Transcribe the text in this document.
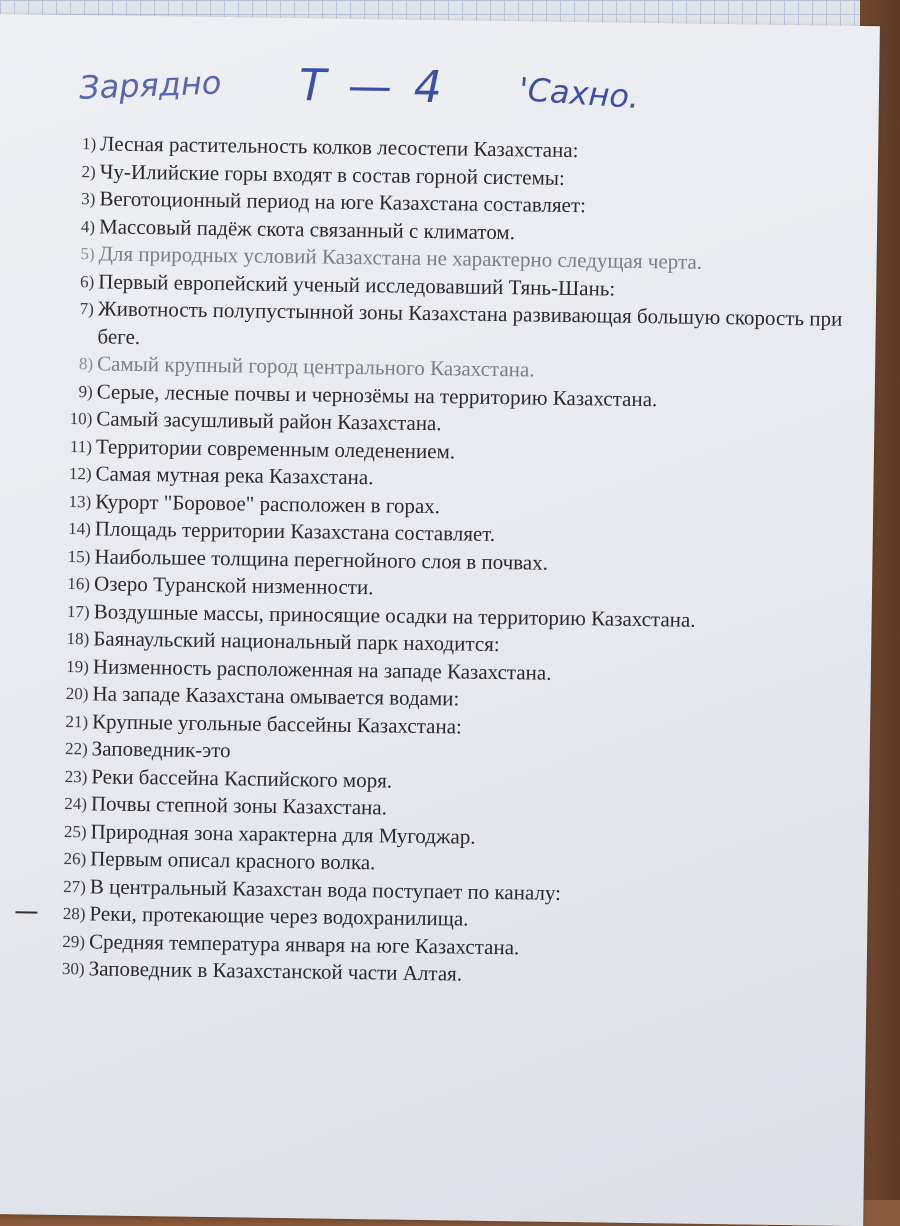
Зарядно Т — 4 'Сахно.
1) Лесная растительность колков лесостепи Казахстана:
2) Чу-Илийские горы входят в состав горной системы:
3) Веготоционный период на юге Казахстана составляет:
4) Массовый падёж скота связанный с климатом.
5) Для природных условий Казахстана не характерно следущая черта.
6) Первый европейский ученый исследовавший Тянь-Шань:
7) Животность полупустынной зоны Казахстана развивающая большую скорость при беге.
8) Самый крупный город центрального Казахстана.
9) Серые, лесные почвы и чернозёмы на территорию Казахстана.
10) Самый засушливый район Казахстана.
11) Территории современным оледенением.
12) Самая мутная река Казахстана.
13) Курорт "Боровое" расположен в горах.
14) Площадь территории Казахстана составляет.
15) Наибольшее толщина перегнойного слоя в почвах.
16) Озеро Туранской низменности.
17) Воздушные массы, приносящие осадки на территорию Казахстана.
18) Баянаульский национальный парк находится:
19) Низменность расположенная на западе Казахстана.
20) На западе Казахстана омывается водами:
21) Крупные угольные бассейны Казахстана:
22) Заповедник-это
23) Реки бассейна Каспийского моря.
24) Почвы степной зоны Казахстана.
25) Природная зона характерна для Мугоджар.
26) Первым описал красного волка.
27) В центральный Казахстан вода поступает по каналу:
28) Реки, протекающие через водохранилища.
29) Средняя температура января на юге Казахстана.
30) Заповедник в Казахстанской части Алтая.
